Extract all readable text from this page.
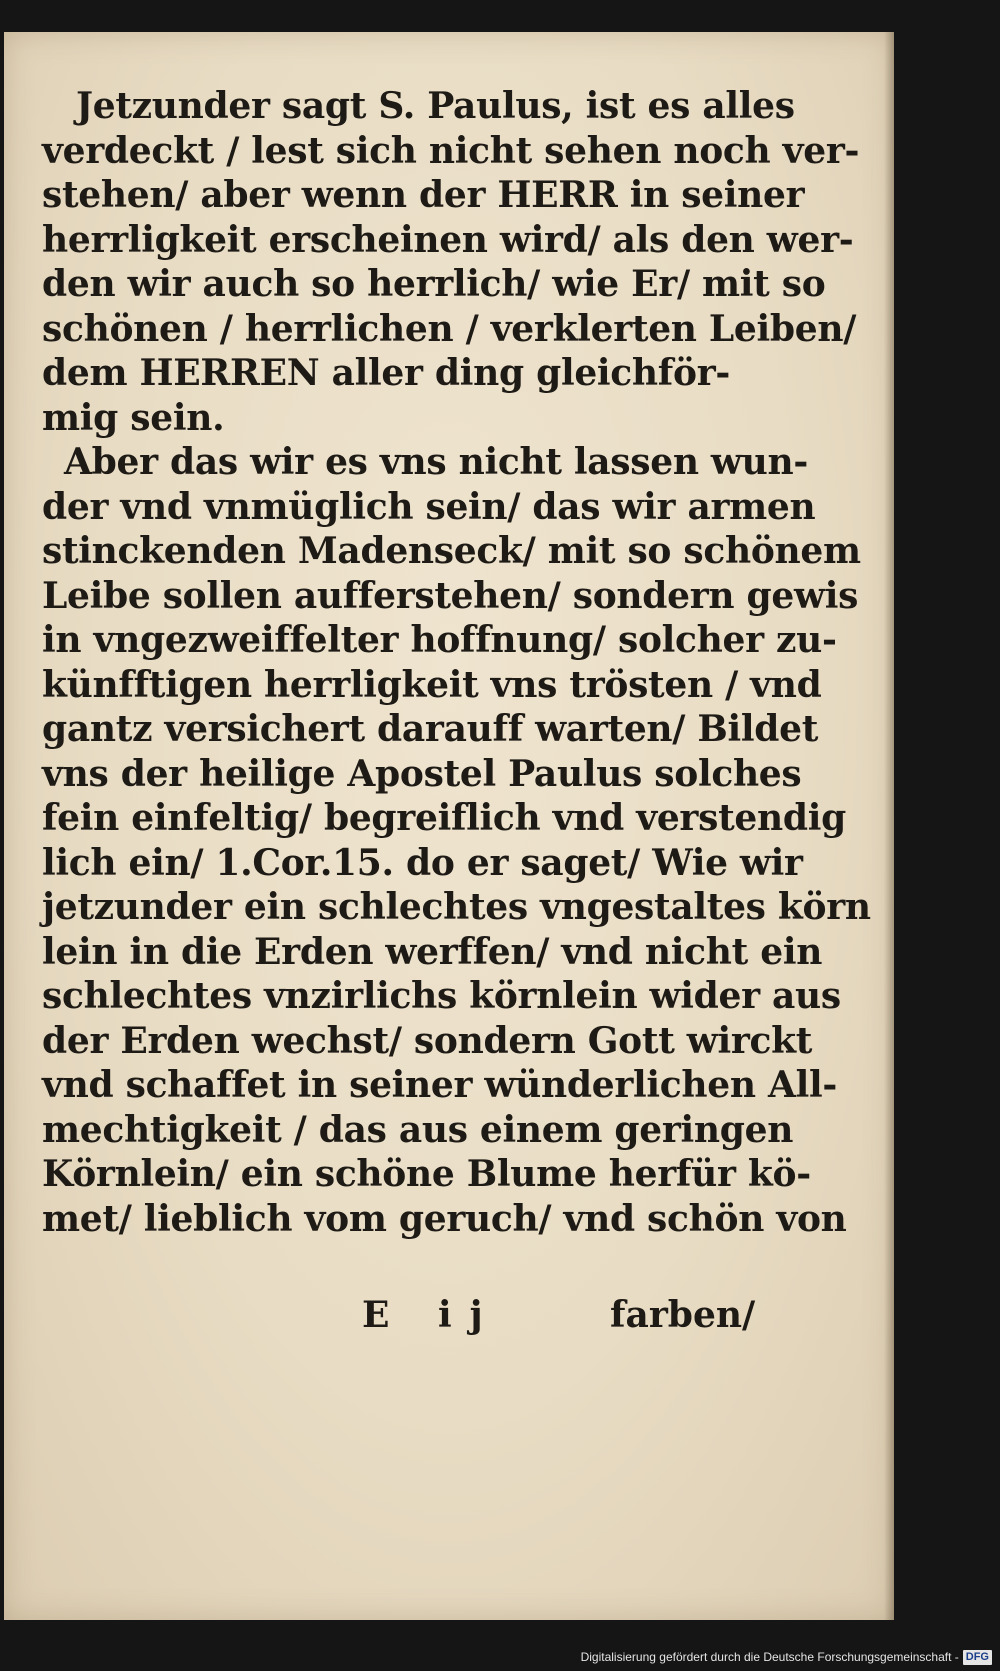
Jetzunder sagt S. Paulus, ist es alles
verdeckt / lest sich nicht sehen noch ver-
stehen/ aber wenn der HERR in seiner
herrligkeit erscheinen wird/ als den wer-
den wir auch so herrlich/ wie Er/ mit so
schönen / herrlichen / verklerten Leiben/
dem HERREN aller ding gleichför-
mig sein.
Aber das wir es vns nicht lassen wun-
der vnd vnmüglich sein/ das wir armen
stinckenden Madenseck/ mit so schönem
Leibe sollen aufferstehen/ sondern gewis
in vngezweiffelter hoffnung/ solcher zu-
künfftigen herrligkeit vns trösten / vnd
gantz versichert darauff warten/ Bildet
vns der heilige Apostel Paulus solches
fein einfeltig/ begreiflich vnd verstendig
lich ein/ 1.Cor.15. do er saget/ Wie wir
jetzunder ein schlechtes vngestaltes körn
lein in die Erden werffen/ vnd nicht ein
schlechtes vnzirlichs körnlein wider aus
der Erden wechst/ sondern Gott wirckt
vnd schaffet in seiner wünderlichen All-
mechtigkeit / das aus einem geringen
Körnlein/ ein schöne Blume herfür kö-
met/ lieblich vom geruch/ vnd schön von
E ij	farben/
Digitalisierung gefördert durch die Deutsche Forschungsgemeinschaft - DFG
